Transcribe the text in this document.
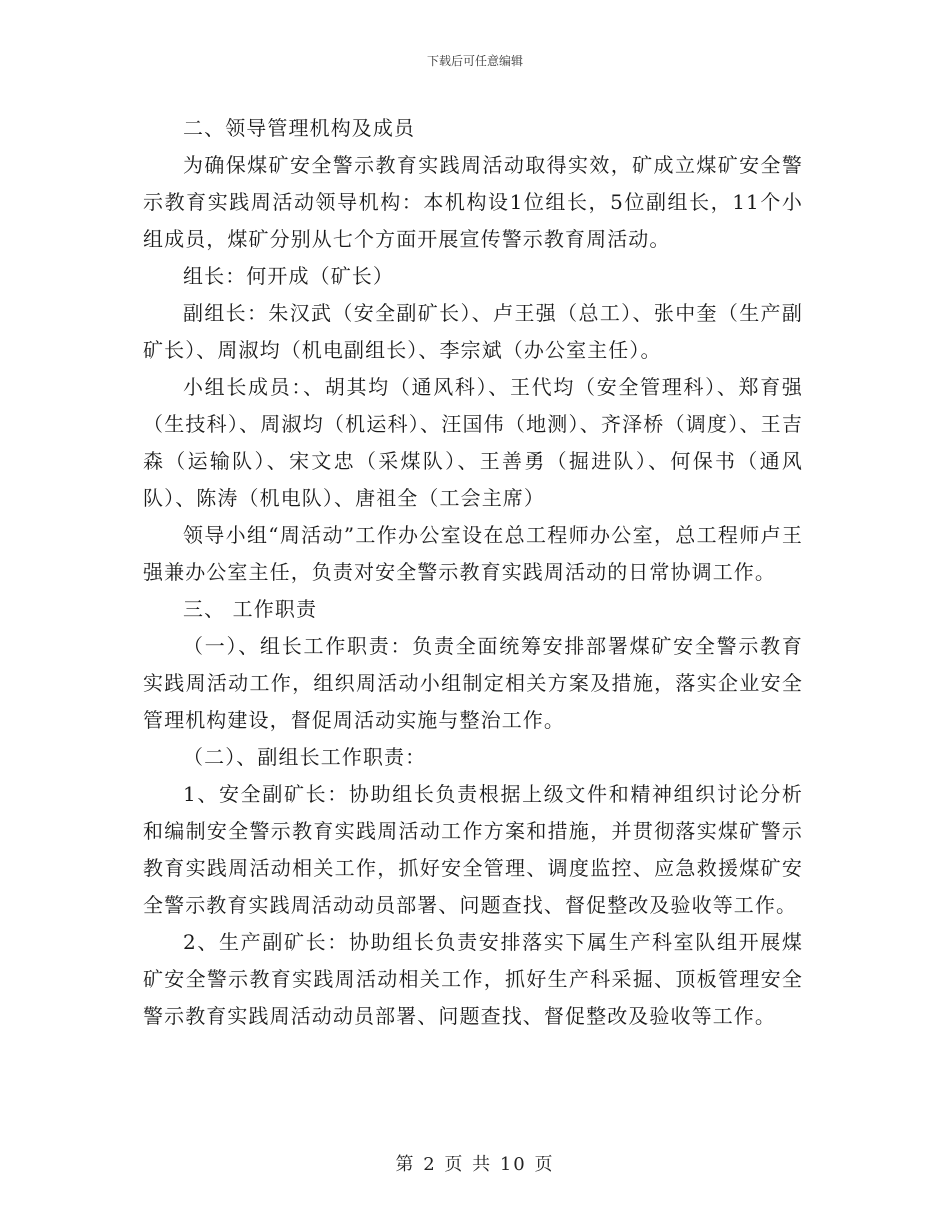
下载后可任意编辑

二、领导管理机构及成员

为确保煤矿安全警示教育实践周活动取得实效，矿成立煤矿安全警示教育实践周活动领导机构：本机构设1位组长，5位副组长，11个小组成员，煤矿分别从七个方面开展宣传警示教育周活动。

组长：何开成（矿长）

副组长：朱汉武（安全副矿长）、卢王强（总工）、张中奎（生产副矿长）、周淑均（机电副组长）、李宗斌（办公室主任）。

小组长成员：、胡其均（通风科）、王代均（安全管理科）、郑育强（生技科）、周淑均（机运科）、汪国伟（地测）、齐泽桥（调度）、王吉森（运输队）、宋文忠（采煤队）、王善勇（掘进队）、何保书（通风队）、陈涛（机电队）、唐祖全（工会主席）

领导小组“周活动”工作办公室设在总工程师办公室，总工程师卢王强兼办公室主任，负责对安全警示教育实践周活动的日常协调工作。

三、 工作职责

（一）、组长工作职责：负责全面统筹安排部署煤矿安全警示教育实践周活动工作，组织周活动小组制定相关方案及措施，落实企业安全管理机构建设，督促周活动实施与整治工作。

（二）、副组长工作职责：

1、安全副矿长：协助组长负责根据上级文件和精神组织讨论分析和编制安全警示教育实践周活动工作方案和措施，并贯彻落实煤矿警示教育实践周活动相关工作，抓好安全管理、调度监控、应急救援煤矿安全警示教育实践周活动动员部署、问题查找、督促整改及验收等工作。

2、生产副矿长：协助组长负责安排落实下属生产科室队组开展煤矿安全警示教育实践周活动相关工作，抓好生产科采掘、顶板管理安全警示教育实践周活动动员部署、问题查找、督促整改及验收等工作。

第 2 页 共 10 页
